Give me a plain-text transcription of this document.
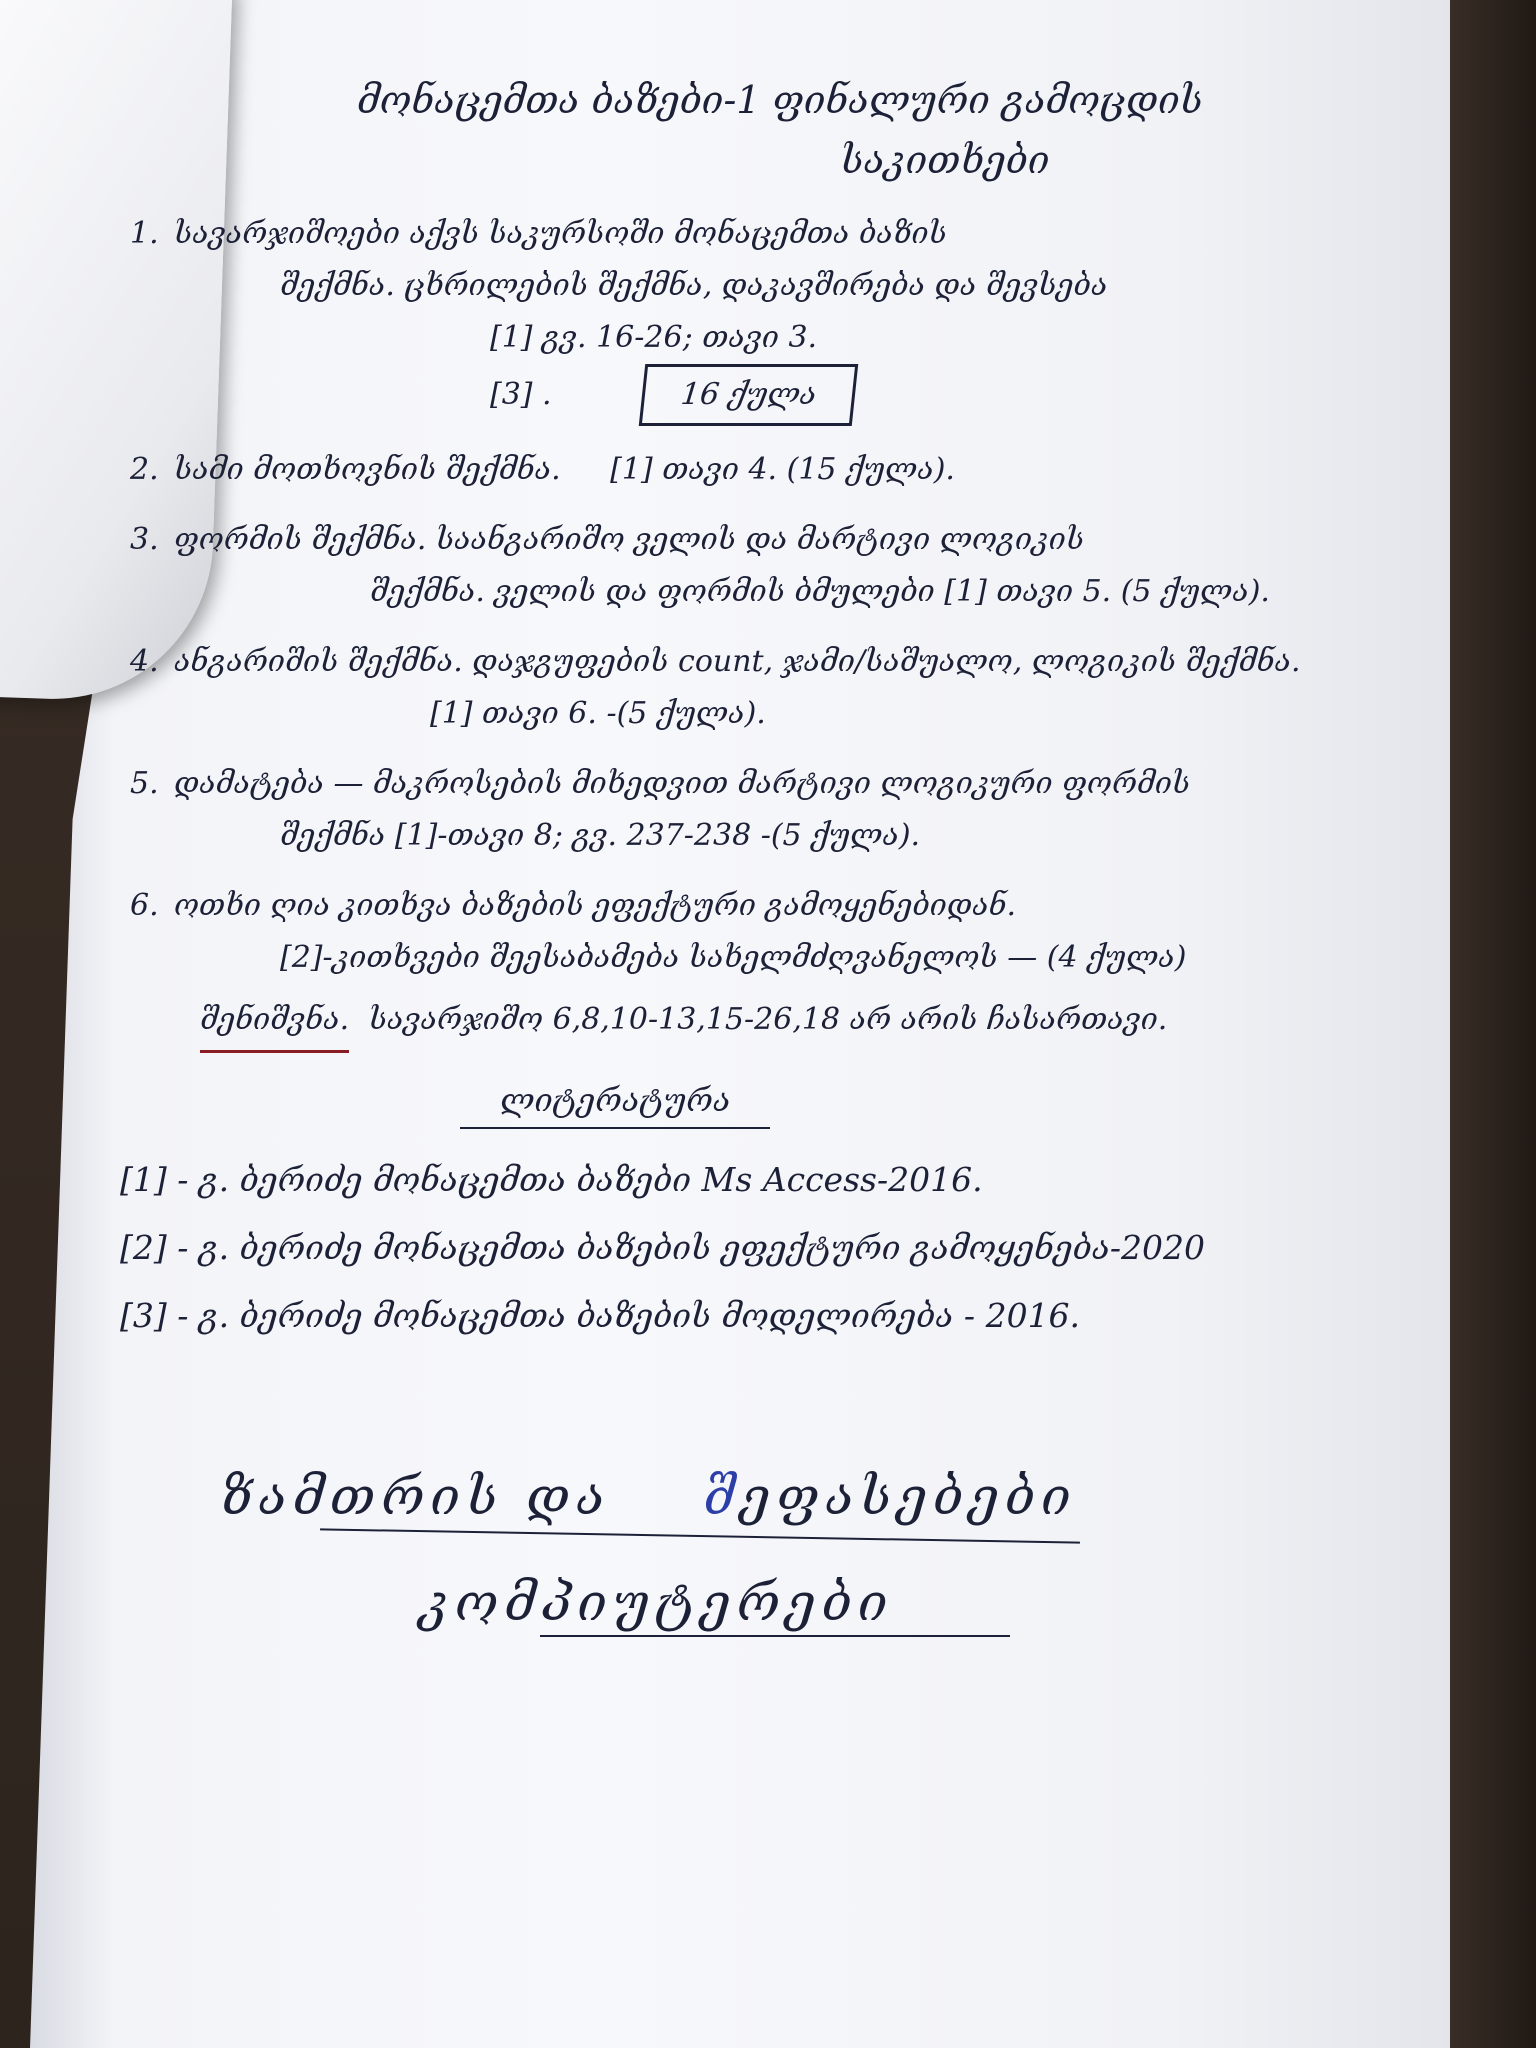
მონაცემთა ბაზები-1 ფინალური გამოცდის
საკითხები
1. სავარჯიშოები აქვს საკურსოში მონაცემთა ბაზის
შექმნა. ცხრილების შექმნა, დაკავშირება და შევსება
[1] გვ. 16-26; თავი 3.
[3] .	16 ქულა
2. სამი მოთხოვნის შექმნა. [1] თავი 4. (15 ქულა).
3. ფორმის შექმნა. საანგარიშო ველის და მარტივი ლოგიკის
შექმნა. ველის და ფორმის ბმულები [1] თავი 5. (5 ქულა).
4. ანგარიშის შექმნა. დაჯგუფების count, ჯამი/საშუალო, ლოგიკის შექმნა.
[1] თავი 6. -(5 ქულა).
5. დამატება — მაკროსების მიხედვით მარტივი ლოგიკური ფორმის
შექმნა [1]-თავი 8; გვ. 237-238 -(5 ქულა).
6. ოთხი ღია კითხვა ბაზების ეფექტური გამოყენებიდან.
[2]-კითხვები შეესაბამება სახელმძღვანელოს — (4 ქულა)
შენიშვნა. სავარჯიშო 6,8,10-13,15-26,18 არ არის ჩასართავი.
ლიტერატურა
[1] - გ. ბერიძე მონაცემთა ბაზები Ms Access-2016.
[2] - გ. ბერიძე მონაცემთა ბაზების ეფექტური გამოყენება-2020
[3] - გ. ბერიძე მონაცემთა ბაზების მოდელირება - 2016.
ზამთრის და შეფასებები
კომპიუტერები
